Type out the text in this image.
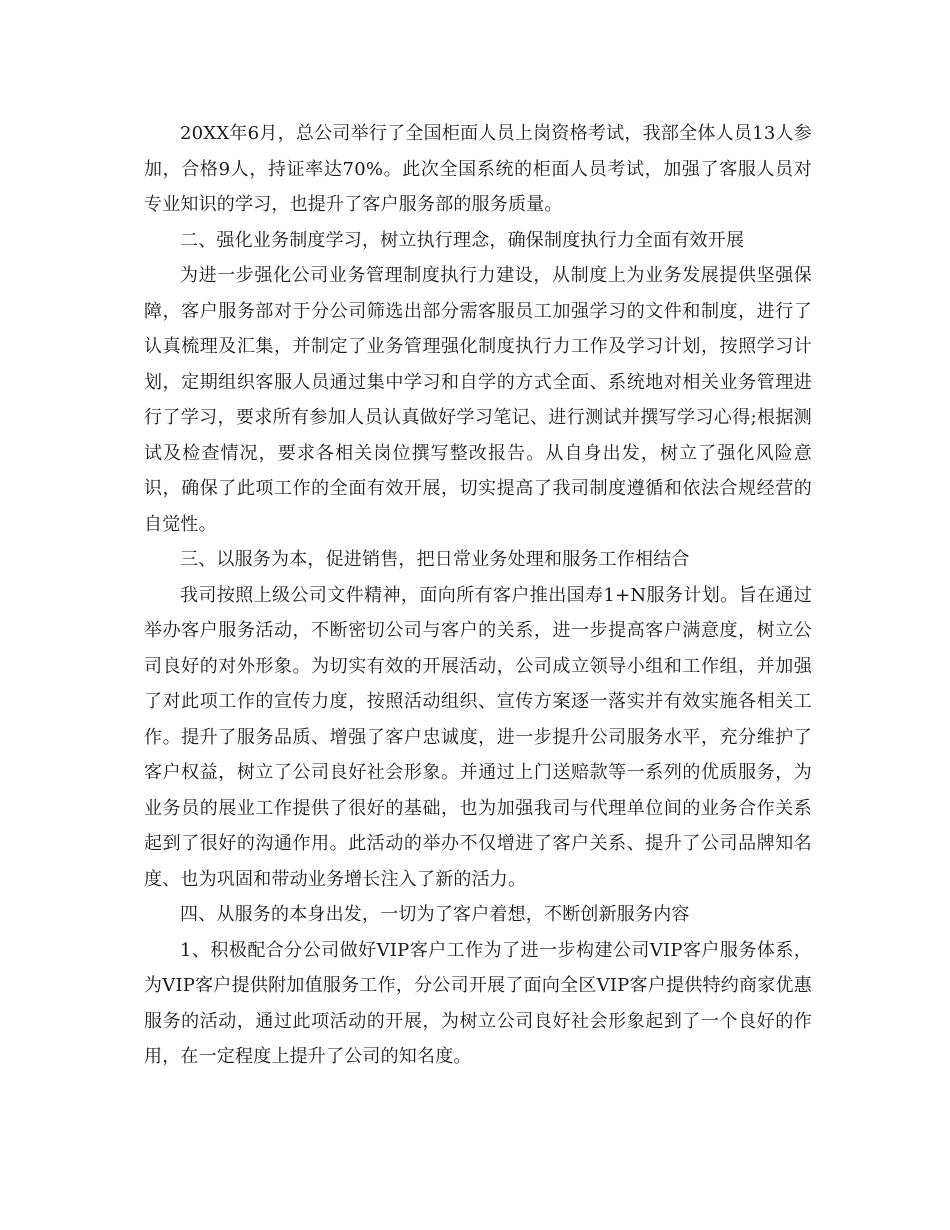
20XX年6月，总公司举行了全国柜面人员上岗资格考试，我部全体人员13人参加，合格9人，持证率达70%。此次全国系统的柜面人员考试，加强了客服人员对专业知识的学习，也提升了客户服务部的服务质量。

二、强化业务制度学习，树立执行理念，确保制度执行力全面有效开展

为进一步强化公司业务管理制度执行力建设，从制度上为业务发展提供坚强保障，客户服务部对于分公司筛选出部分需客服员工加强学习的文件和制度，进行了认真梳理及汇集，并制定了业务管理强化制度执行力工作及学习计划，按照学习计划，定期组织客服人员通过集中学习和自学的方式全面、系统地对相关业务管理进行了学习，要求所有参加人员认真做好学习笔记、进行测试并撰写学习心得;根据测试及检查情况，要求各相关岗位撰写整改报告。从自身出发，树立了强化风险意识，确保了此项工作的全面有效开展，切实提高了我司制度遵循和依法合规经营的自觉性。

三、以服务为本，促进销售，把日常业务处理和服务工作相结合

我司按照上级公司文件精神，面向所有客户推出国寿1+N服务计划。旨在通过举办客户服务活动，不断密切公司与客户的关系，进一步提高客户满意度，树立公司良好的对外形象。为切实有效的开展活动，公司成立领导小组和工作组，并加强了对此项工作的宣传力度，按照活动组织、宣传方案逐一落实并有效实施各相关工作。提升了服务品质、增强了客户忠诚度，进一步提升公司服务水平，充分维护了客户权益，树立了公司良好社会形象。并通过上门送赔款等一系列的优质服务，为业务员的展业工作提供了很好的基础，也为加强我司与代理单位间的业务合作关系起到了很好的沟通作用。此活动的举办不仅增进了客户关系、提升了公司品牌知名度、也为巩固和带动业务增长注入了新的活力。

四、从服务的本身出发，一切为了客户着想，不断创新服务内容

1、积极配合分公司做好VIP客户工作为了进一步构建公司VIP客户服务体系，为VIP客户提供附加值服务工作，分公司开展了面向全区VIP客户提供特约商家优惠服务的活动，通过此项活动的开展，为树立公司良好社会形象起到了一个良好的作用，在一定程度上提升了公司的知名度。
